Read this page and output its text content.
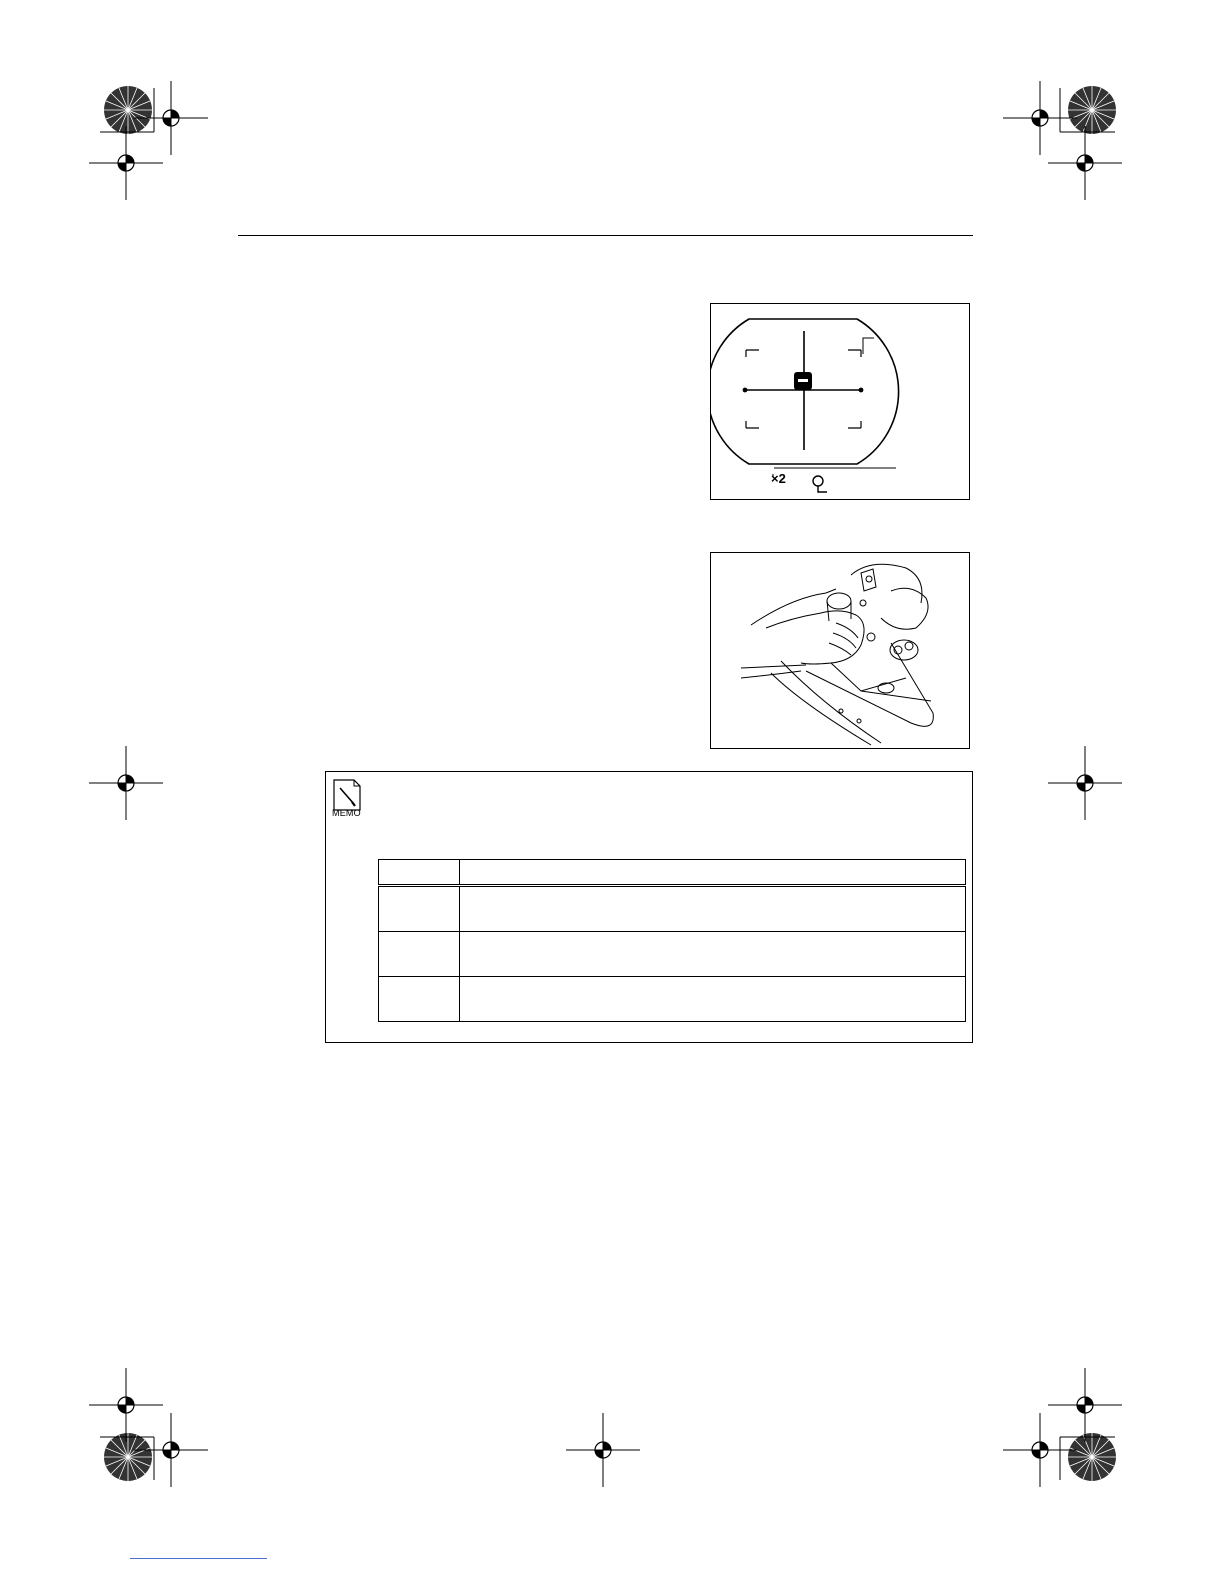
×2
MEMO
